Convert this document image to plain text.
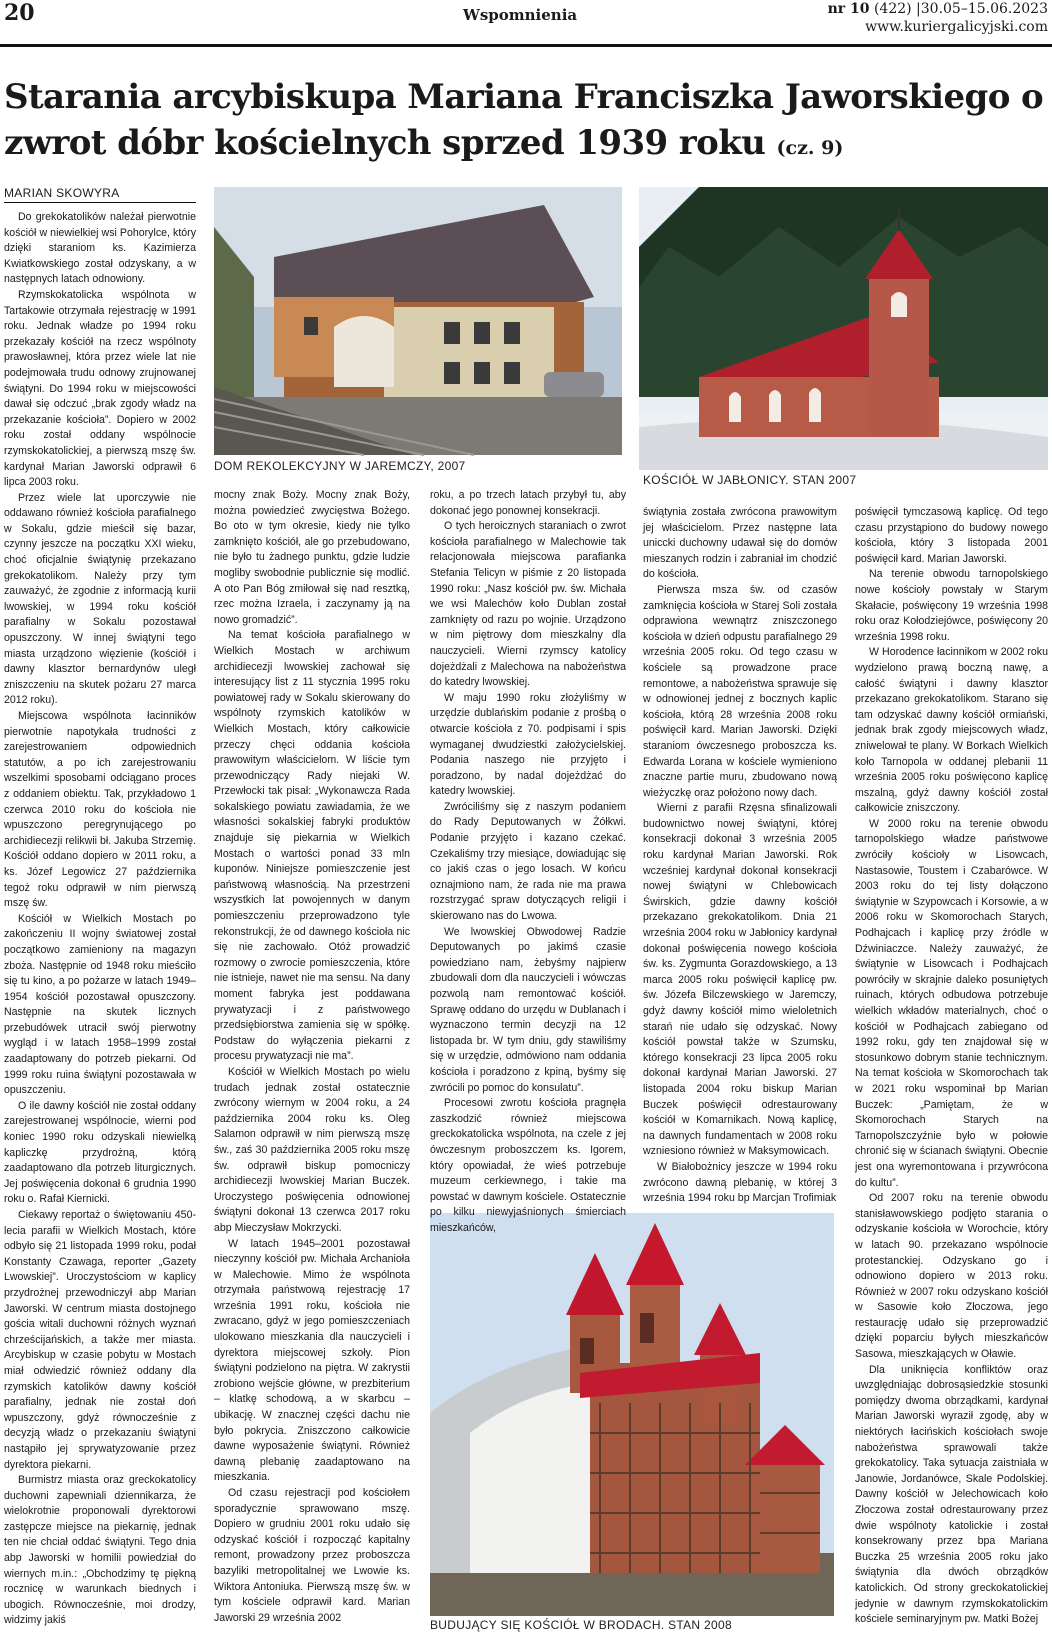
20	Wspomnienia	nr 10 (422) |30.05–15.06.2023
www.kuriergalicyjski.com
Starania arcybiskupa Mariana Franciszka Jaworskiego o zwrot dóbr kościelnych sprzed 1939 roku (cz. 9)
MARIAN SKOWYRA
DOM REKOLEKCYJNY W JAREMCZY, 2007
KOŚCIÓŁ W JABŁONICY. STAN 2007
BUDUJĄCY SIĘ KOŚCIÓŁ W BRODACH. STAN 2008

Do grekokatolików należał pierwotnie kościół w niewielkiej wsi Pohorylce, który dzięki staraniom ks. Kazimierza Kwiatkowskiego został odzyskany, a w następnych latach odnowiony.

Rzymskokatolicka wspólnota w Tartakowie otrzymała rejestrację w 1991 roku. Jednak władze po 1994 roku przekazały kościół na rzecz wspólnoty prawosławnej, która przez wiele lat nie podejmowała trudu odnowy zrujnowanej świątyni. Do 1994 roku w miejscowości dawał się odczuć „brak zgody władz na przekazanie kościoła”. Dopiero w 2002 roku został oddany wspólnocie rzymskokatolickiej, a pierwszą mszę św. kardynał Marian Jaworski odprawił 6 lipca 2003 roku.

Przez wiele lat uporczywie nie oddawano również kościoła parafialnego w Sokalu, gdzie mieścił się bazar, czynny jeszcze na początku XXI wieku, choć oficjalnie świątynię przekazano grekokatolikom. Należy przy tym zauważyć, że zgodnie z informacją kurii lwowskiej, w 1994 roku kościół parafialny w Sokalu pozostawał opuszczony. W innej świątyni tego miasta urządzono więzienie (kościół i dawny klasztor bernardynów uległ zniszczeniu na skutek pożaru 27 marca 2012 roku).

Miejscowa wspólnota łacinników pierwotnie napotykała trudności z zarejestrowaniem odpowiednich statutów, a po ich zarejestrowaniu wszelkimi sposobami odciągano proces z oddaniem obiektu. Tak, przykładowo 1 czerwca 2010 roku do kościoła nie wpuszczono peregrynującego po archidiecezji relikwii bł. Jakuba Strzemię. Kościół oddano dopiero w 2011 roku, a ks. Józef Legowicz 27 października tegoż roku odprawił w nim pierwszą mszę św.

Kościół w Wielkich Mostach po zakończeniu II wojny światowej został początkowo zamieniony na magazyn zboża. Następnie od 1948 roku mieściło się tu kino, a po pożarze w latach 1949–1954 kościół pozostawał opuszczony. Następnie na skutek licznych przebudówek utracił swój pierwotny wygląd i w latach 1958–1999 został zaadaptowany do potrzeb piekarni. Od 1999 roku ruina świątyni pozostawała w opuszczeniu.

O ile dawny kościół nie został oddany zarejestrowanej wspólnocie, wierni pod koniec 1990 roku odzyskali niewielką kapliczkę przydrożną, którą zaadaptowano dla potrzeb liturgicznych. Jej poświęcenia dokonał 6 grudnia 1990 roku o. Rafał Kiernicki.

Ciekawy reportaż o świętowaniu 450-lecia parafii w Wielkich Mostach, które odbyło się 21 listopada 1999 roku, podał Konstanty Czawaga, reporter „Gazety Lwowskiej”. Uroczystościom w kaplicy przydrożnej przewodniczył abp Marian Jaworski. W centrum miasta dostojnego gościa witali duchowni różnych wyznań chrześcijańskich, a także mer miasta. Arcybiskup w czasie pobytu w Mostach miał odwiedzić również oddany dla rzymskich katolików dawny kościół parafialny, jednak nie został doń wpuszczony, gdyż równocześnie z decyzją władz o przekazaniu świątyni nastąpiło jej sprywatyzowanie przez dyrektora piekarni.

Burmistrz miasta oraz greckokatolicy duchowni zapewniali dziennikarza, że wielokrotnie proponowali dyrektorowi zastępcze miejsce na piekarnię, jednak ten nie chciał oddać świątyni. Tego dnia abp Jaworski w homilii powiedział do wiernych m.in.: „Obchodzimy tę piękną rocznicę w warunkach biednych i ubogich. Równocześnie, moi drodzy, widzimy jakiś

mocny znak Boży. Mocny znak Boży, można powiedzieć zwycięstwa Bożego. Bo oto w tym okresie, kiedy nie tylko zamknięto kościół, ale go przebudowano, nie było tu żadnego punktu, gdzie ludzie mogliby swobodnie publicznie się modlić. A oto Pan Bóg zmiłował się nad resztką, rzec można Izraela, i zaczynamy ją na nowo gromadzić”.

Na temat kościoła parafialnego w Wielkich Mostach w archiwum archidiecezji lwowskiej zachował się interesujący list z 11 stycznia 1995 roku powiatowej rady w Sokalu skierowany do wspólnoty rzymskich katolików w Wielkich Mostach, który całkowicie przeczy chęci oddania kościoła prawowitym właścicielom. W liście tym przewodniczący Rady niejaki W. Przewłocki tak pisał: „Wykonawcza Rada sokalskiego powiatu zawiadamia, że we własności sokalskiej fabryki produktów znajduje się piekarnia w Wielkich Mostach o wartości ponad 33 mln kuponów. Niniejsze pomieszczenie jest państwową własnością. Na przestrzeni wszystkich lat powojennych w danym pomieszczeniu przeprowadzono tyle rekonstrukcji, że od dawnego kościoła nic się nie zachowało. Otóż prowadzić rozmowy o zwrocie pomieszczenia, które nie istnieje, nawet nie ma sensu. Na dany moment fabryka jest poddawana prywatyzacji i z państwowego przedsiębiorstwa zamienia się w spółkę. Podstaw do wyłączenia piekarni z procesu prywatyzacji nie ma”.

Kościół w Wielkich Mostach po wielu trudach jednak został ostatecznie zwrócony wiernym w 2004 roku, a 24 października 2004 roku ks. Oleg Salamon odprawił w nim pierwszą mszę św., zaś 30 października 2005 roku mszę św. odprawił biskup pomocniczy archidiecezji lwowskiej Marian Buczek. Uroczystego poświęcenia odnowionej świątyni dokonał 13 czerwca 2017 roku abp Mieczysław Mokrzycki.

W latach 1945–2001 pozostawał nieczynny kościół pw. Michała Archanioła w Malechowie. Mimo że wspólnota otrzymała państwową rejestrację 17 września 1991 roku, kościoła nie zwracano, gdyż w jego pomieszczeniach ulokowano mieszkania dla nauczycieli i dyrektora miejscowej szkoły. Pion świątyni podzielono na piętra. W zakrystii zrobiono wejście główne, w prezbiterium – klatkę schodową, a w skarbcu – ubikację. W znacznej części dachu nie było pokrycia. Zniszczono całkowicie dawne wyposażenie świątyni. Również dawną plebanię zaadaptowano na mieszkania.

Od czasu rejestracji pod kościołem sporadycznie sprawowano mszę. Dopiero w grudniu 2001 roku udało się odzyskać kościół i rozpocząć kapitalny remont, prowadzony przez proboszcza bazyliki metropolitalnej we Lwowie ks. Wiktora Antoniuka. Pierwszą mszę św. w tym kościele odprawił kard. Marian Jaworski 29 września 2002

roku, a po trzech latach przybył tu, aby dokonać jego ponownej konsekracji.

O tych heroicznych staraniach o zwrot kościoła parafialnego w Malechowie tak relacjonowała miejscowa parafianka Stefania Telicyn w piśmie z 20 listopada 1990 roku: „Nasz kościół pw. św. Michała we wsi Malechów koło Dublan został zamknięty od razu po wojnie. Urządzono w nim piętrowy dom mieszkalny dla nauczycieli. Wierni rzymscy katolicy dojeżdżali z Malechowa na nabożeństwa do katedry lwowskiej.

W maju 1990 roku złożyliśmy w urzędzie dublańskim podanie z prośbą o otwarcie kościoła z 70. podpisami i spis wymaganej dwudziestki założycielskiej. Podania naszego nie przyjęto i poradzono, by nadal dojeżdżać do katedry lwowskiej.

Zwróciliśmy się z naszym podaniem do Rady Deputowanych w Żółkwi. Podanie przyjęto i kazano czekać. Czekaliśmy trzy miesiące, dowiadując się co jakiś czas o jego losach. W końcu oznajmiono nam, że rada nie ma prawa rozstrzygać spraw dotyczących religii i skierowano nas do Lwowa.

We lwowskiej Obwodowej Radzie Deputowanych po jakimś czasie powiedziano nam, żebyśmy najpierw zbudowali dom dla nauczycieli i wówczas pozwolą nam remontować kościół. Sprawę oddano do urzędu w Dublanach i wyznaczono termin decyzji na 12 listopada br. W tym dniu, gdy stawiliśmy się w urzędzie, odmówiono nam oddania kościoła i poradzono z kpiną, byśmy się zwrócili po pomoc do konsulatu”.

Procesowi zwrotu kościoła pragnęła zaszkodzić również miejscowa greckokatolicka wspólnota, na czele z jej ówczesnym proboszczem ks. Igorem, który opowiadał, że wieś potrzebuje muzeum cerkiewnego, i takie ma powstać w dawnym kościele. Ostatecznie po kilku niewyjaśnionych śmierciach mieszkańców,

świątynia została zwrócona prawowitym jej właścicielom. Przez następne lata uniccki duchowny udawał się do domów mieszanych rodzin i zabraniał im chodzić do kościoła.

Pierwsza msza św. od czasów zamknięcia kościoła w Starej Soli została odprawiona wewnątrz zniszczonego kościoła w dzień odpustu parafialnego 29 września 2005 roku. Od tego czasu w kościele są prowadzone prace remontowe, a nabożeństwa sprawuje się w odnowionej jednej z bocznych kaplic kościoła, którą 28 września 2008 roku poświęcił kard. Marian Jaworski. Dzięki staraniom ówczesnego proboszcza ks. Edwarda Lorana w kościele wymieniono znaczne partie muru, zbudowano nową wieżyczkę oraz położono nowy dach.

Wierni z parafii Rzęsna sfinalizowali budownictwo nowej świątyni, której konsekracji dokonał 3 września 2005 roku kardynał Marian Jaworski. Rok wcześniej kardynał dokonał konsekracji nowej świątyni w Chlebowicach Świrskich, gdzie dawny kościół przekazano grekokatolikom. Dnia 21 września 2004 roku w Jabłonicy kardynał dokonał poświęcenia nowego kościoła św. ks. Zygmunta Gorazdowskiego, a 13 marca 2005 roku poświęcił kaplicę pw. św. Józefa Bilczewskiego w Jaremczy, gdyż dawny kościół mimo wieloletnich starań nie udało się odzyskać. Nowy kościół powstał także w Szumsku, którego konsekracji 23 lipca 2005 roku dokonał kardynał Marian Jaworski. 27 listopada 2004 roku biskup Marian Buczek poświęcił odrestaurowany kościół w Komarnikach. Nową kaplicę, na dawnych fundamentach w 2008 roku wzniesiono również w Maksymowicach.

W Białobożnicy jeszcze w 1994 roku zwrócono dawną plebanię, w której 3 września 1994 roku bp Marcjan Trofimiak

poświęcił tymczasową kaplicę. Od tego czasu przystąpiono do budowy nowego kościoła, który 3 listopada 2001 poświęcił kard. Marian Jaworski.

Na terenie obwodu tarnopolskiego nowe kościoły powstały w Starym Skałacie, poświęcony 19 września 1998 roku oraz Kołodziejówce, poświęcony 20 września 1998 roku.

W Horodence łacinnikom w 2002 roku wydzielono prawą boczną nawę, a całość świątyni i dawny klasztor przekazano grekokatolikom. Starano się tam odzyskać dawny kościół ormiański, jednak brak zgody miejscowych władz, zniwelował te plany. W Borkach Wielkich koło Tarnopola w oddanej plebanii 11 września 2005 roku poświęcono kaplicę mszalną, gdyż dawny kościół został całkowicie zniszczony.

W 2000 roku na terenie obwodu tarnopolskiego władze państwowe zwróciły kościoły w Lisowcach, Nastasowie, Toustem i Czabarówce. W 2003 roku do tej listy dołączono świątynie w Szypowcach i Korsowie, a w 2006 roku w Skomorochach Starych, Podhajcach i kaplicę przy źródle w Dźwiniaczce. Należy zauważyć, że świątynie w Lisowcach i Podhajcach powróciły w skrajnie daleko posuniętych ruinach, których odbudowa potrzebuje wielkich wkładów materialnych, choć o kościół w Podhajcach zabiegano od 1992 roku, gdy ten znajdował się w stosunkowo dobrym stanie technicznym. Na temat kościoła w Skomorochach tak w 2021 roku wspominał bp Marian Buczek: „Pamiętam, że w Skomorochach Starych na Tarnopolszczyźnie było w połowie chronić się w ścianach świątyni. Obecnie jest ona wyremontowana i przywrócona do kultu”.

Od 2007 roku na terenie obwodu stanisławowskiego podjęto starania o odzyskanie kościoła w Worochcie, który w latach 90. przekazano wspólnocie protestanckiej. Odzyskano go i odnowiono dopiero w 2013 roku. Również w 2007 roku odzyskano kościół w Sasowie koło Złoczowa, jego restaurację udało się przeprowadzić dzięki poparciu byłych mieszkańców Sasowa, mieszkających w Oławie.

Dla uniknięcia konfliktów oraz uwzględniając dobrosąsiedzkie stosunki pomiędzy dwoma obrządkami, kardynał Marian Jaworski wyraził zgodę, aby w niektórych łacińskich kościołach swoje nabożeństwa sprawowali także grekokatolicy. Taka sytuacja zaistniała w Janowie, Jordanówce, Skale Podolskiej. Dawny kościół w Jelechowicach koło Złoczowa został odrestaurowany przez dwie wspólnoty katolickie i został konsekrowany przez bpa Mariana Buczka 25 września 2005 roku jako świątynia dla dwóch obrządków katolickich. Od strony greckokatolickiej jedynie w dawnym rzymskokatolickim kościele seminaryjnym pw. Matki Bożej
